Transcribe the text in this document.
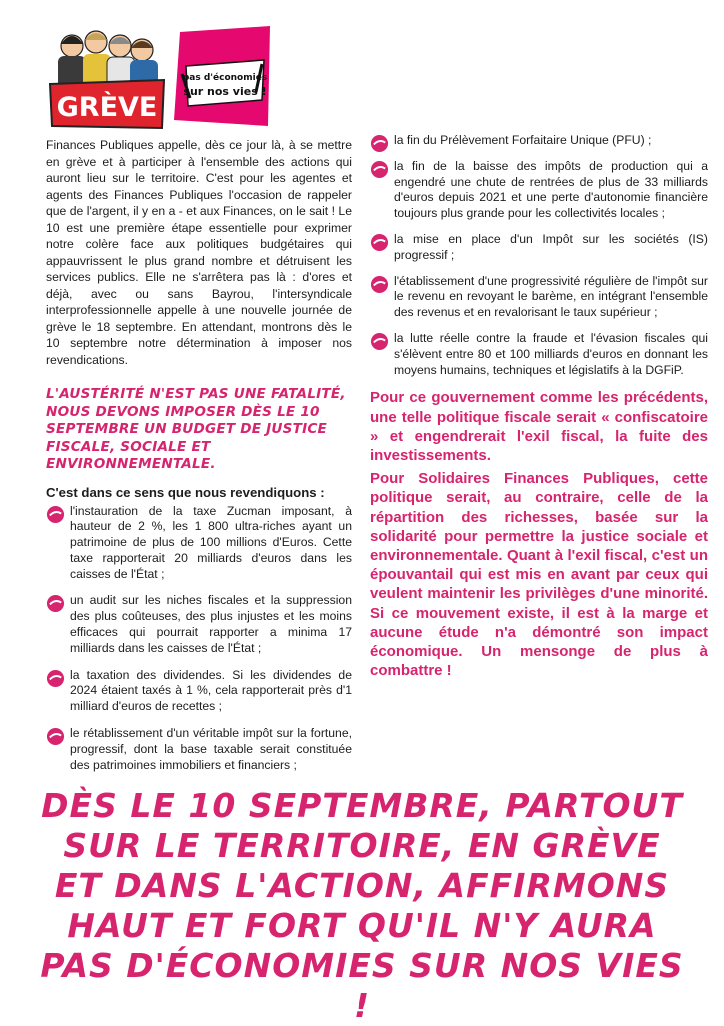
GRÈVE
pas d'économies
sur nos vies !

Finances Publiques appelle, dès ce jour là, à se mettre en grève et à participer à l'ensemble des actions qui auront lieu sur le territoire. C'est pour les agentes et agents des Finances Publiques l'occasion de rappeler que de l'argent, il y en a - et aux Finances, on le sait ! Le 10 est une première étape essentielle pour exprimer notre colère face aux politiques budgétaires qui appauvrissent le plus grand nombre et détruisent les services publics. Elle ne s'arrêtera pas là : d'ores et déjà, avec ou sans Bayrou, l'intersyndicale interprofessionnelle appelle à une nouvelle journée de grève le 18 septembre. En attendant, montrons dès le 10 septembre notre détermination à imposer nos revendications.

L'AUSTÉRITÉ N'EST PAS UNE FATALITÉ, NOUS DEVONS IMPOSER DÈS LE 10 SEPTEMBRE UN BUDGET DE JUSTICE FISCALE, SOCIALE ET ENVIRONNEMENTALE.

C'est dans ce sens que nous revendiquons :

l'instauration de la taxe Zucman imposant, à hauteur de 2 %, les 1 800 ultra-riches ayant un patrimoine de plus de 100 millions d'Euros. Cette taxe rapporterait 20 milliards d'euros dans les caisses de l'État ;
un audit sur les niches fiscales et la suppression des plus coûteuses, des plus injustes et les moins efficaces qui pourrait rapporter a minima 17 milliards dans les caisses de l'État ;
la taxation des dividendes. Si les dividendes de 2024 étaient taxés à 1 %, cela rapporterait près d'1 milliard d'euros de recettes ;
le rétablissement d'un véritable impôt sur la fortune, progressif, dont la base taxable serait constituée des patrimoines immobiliers et financiers ;
la fin du Prélèvement Forfaitaire Unique (PFU) ;
la fin de la baisse des impôts de production qui a engendré une chute de rentrées de plus de 33 milliards d'euros depuis 2021 et une perte d'autonomie financière toujours plus grande pour les collectivités locales ;
la mise en place d'un Impôt sur les sociétés (IS) progressif ;
l'établissement d'une progressivité régulière de l'impôt sur le revenu en revoyant le barème, en intégrant l'ensemble des revenus et en revalorisant le taux supérieur ;
la lutte réelle contre la fraude et l'évasion fiscales qui s'élèvent entre 80 et 100 milliards d'euros en donnant les moyens humains, techniques et législatifs à la DGFiP.

Pour ce gouvernement comme les précédents, une telle politique fiscale serait « confiscatoire » et engendrerait l'exil fiscal, la fuite des investissements.

Pour Solidaires Finances Publiques, cette politique serait, au contraire, celle de la répartition des richesses, basée sur la solidarité pour permettre la justice sociale et environnementale. Quant à l'exil fiscal, c'est un épouvantail qui est mis en avant par ceux qui veulent maintenir les privilèges d'une minorité. Si ce mouvement existe, il est à la marge et aucune étude n'a démontré son impact économique. Un mensonge de plus à combattre !

DÈS LE 10 SEPTEMBRE, PARTOUT SUR LE TERRITOIRE, EN GRÈVE ET DANS L'ACTION, AFFIRMONS HAUT ET FORT QU'IL N'Y AURA PAS D'ÉCONOMIES SUR NOS VIES !
